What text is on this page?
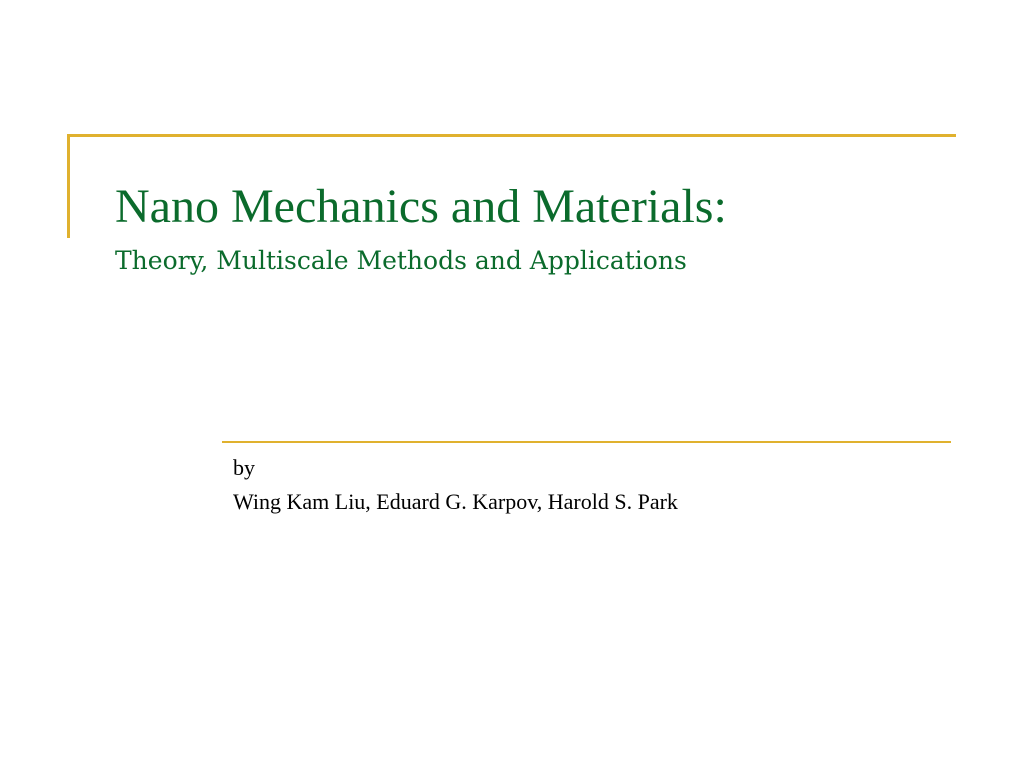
Nano Mechanics and Materials:
Theory, Multiscale Methods and Applications

by

Wing Kam Liu, Eduard G. Karpov, Harold S. Park
